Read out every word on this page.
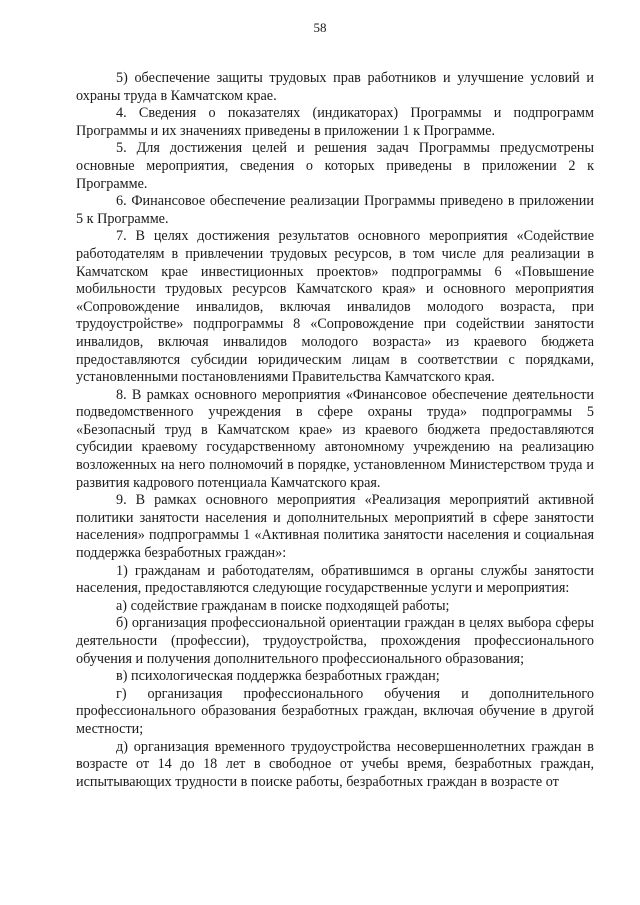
58

5) обеспечение защиты трудовых прав работников и улучшение условий и охраны труда в Камчатском крае.

4. Сведения о показателях (индикаторах) Программы и подпрограмм Программы и их значениях приведены в приложении 1 к Программе.

5. Для достижения целей и решения задач Программы предусмотрены основные мероприятия, сведения о которых приведены в приложении 2 к Программе.

6. Финансовое обеспечение реализации Программы приведено в приложении 5 к Программе.

7. В целях достижения результатов основного мероприятия «Содействие работодателям в привлечении трудовых ресурсов, в том числе для реализации в Камчатском крае инвестиционных проектов» подпрограммы 6 «Повышение мобильности трудовых ресурсов Камчатского края» и основного мероприятия «Сопровождение инвалидов, включая инвалидов молодого возраста, при трудоустройстве» подпрограммы 8 «Сопровождение при содействии занятости инвалидов, включая инвалидов молодого возраста» из краевого бюджета предоставляются субсидии юридическим лицам в соответствии с порядками, установленными постановлениями Правительства Камчатского края.

8. В рамках основного мероприятия «Финансовое обеспечение деятельности подведомственного учреждения в сфере охраны труда» подпрограммы 5 «Безопасный труд в Камчатском крае» из краевого бюджета предоставляются субсидии краевому государственному автономному учреждению на реализацию возложенных на него полномочий в порядке, установленном Министерством труда и развития кадрового потенциала Камчатского края.

9. В рамках основного мероприятия «Реализация мероприятий активной политики занятости населения и дополнительных мероприятий в сфере занятости населения» подпрограммы 1 «Активная политика занятости населения и социальная поддержка безработных граждан»:

1) гражданам и работодателям, обратившимся в органы службы занятости населения, предоставляются следующие государственные услуги и мероприятия:

а) содействие гражданам в поиске подходящей работы;

б) организация профессиональной ориентации граждан в целях выбора сферы деятельности (профессии), трудоустройства, прохождения профессионального обучения и получения дополнительного профессионального образования;

в) психологическая поддержка безработных граждан;

г) организация профессионального обучения и дополнительного профессионального образования безработных граждан, включая обучение в другой местности;

д) организация временного трудоустройства несовершеннолетних граждан в возрасте от 14 до 18 лет в свободное от учебы время, безработных граждан, испытывающих трудности в поиске работы, безработных граждан в возрасте от
